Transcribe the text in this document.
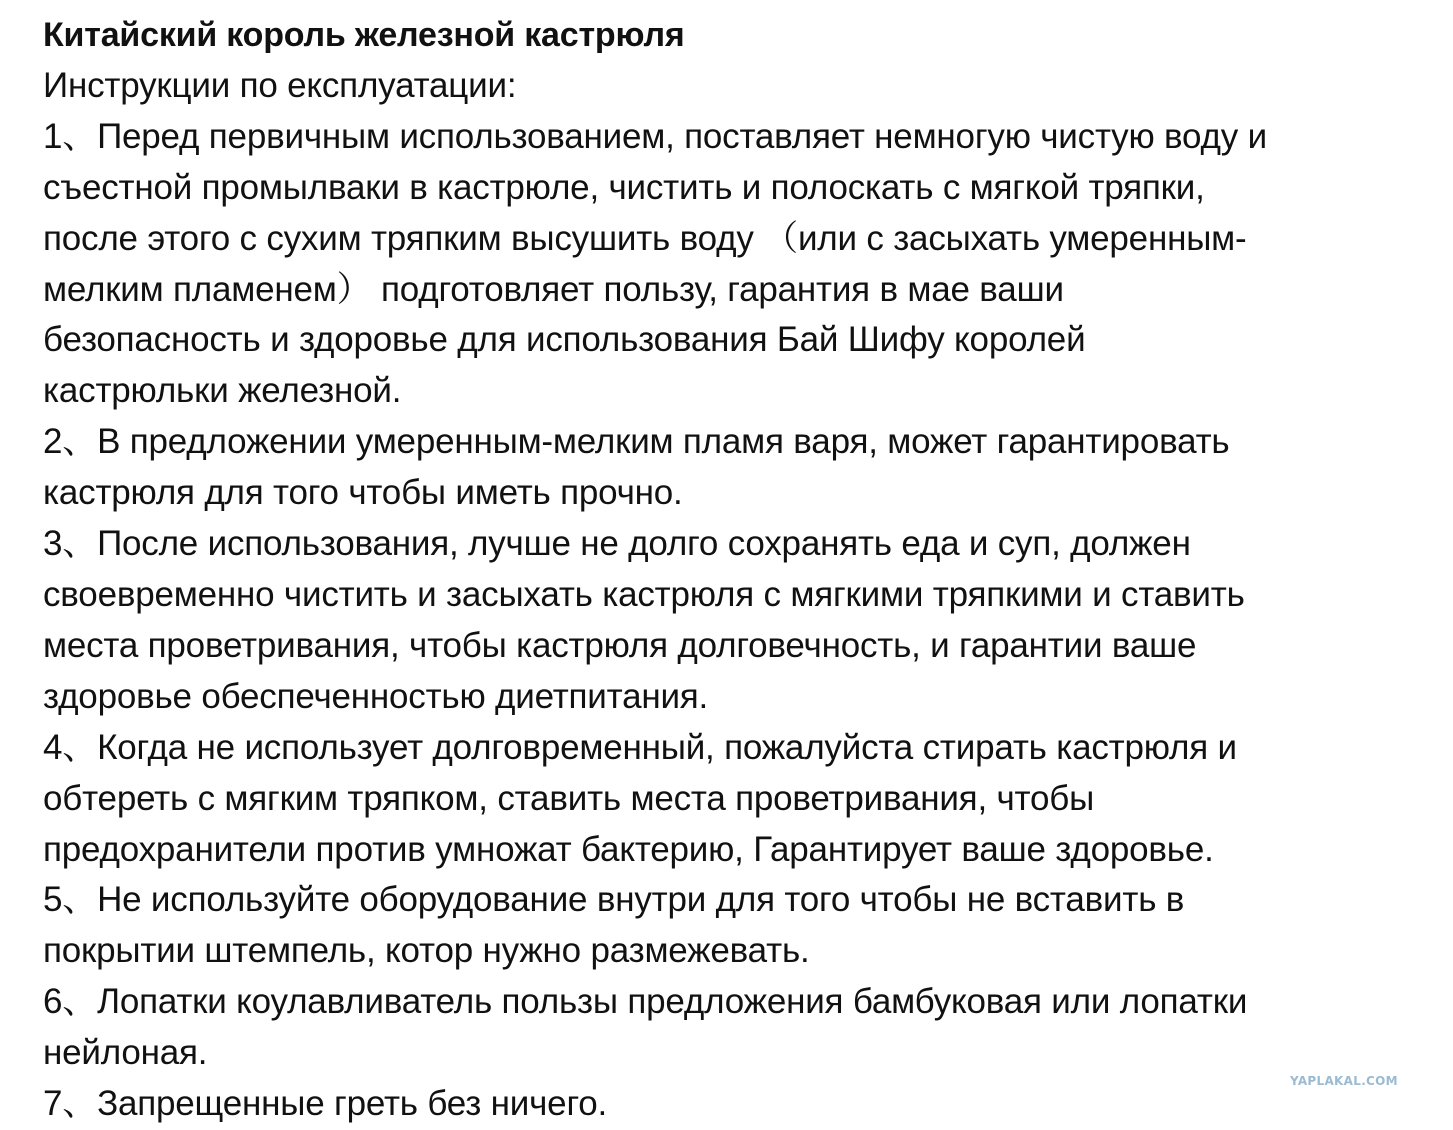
Китайский король железной кастрюля
Инструкции по експлуатации:
1、Перед первичным использованием, поставляет немногую чистую воду и
съестной промылваки в кастрюле, чистить и полоскать с мягкой тряпки,
после этого с сухим тряпким высушить воду （или с засыхать умеренным-
мелким пламенем） подготовляет пользу, гарантия в мае ваши
безопасность и здоровье для использования Бай Шифу королей
кастрюльки железной.
2、В предложении умеренным-мелким пламя варя, может гарантировать
кастрюля для того чтобы иметь прочно.
3、После использования, лучше не долго сохранять еда и суп, должен
своевременно чистить и засыхать кастрюля с мягкими тряпкими и ставить
места проветривания, чтобы кастрюля долговечность, и гарантии ваше
здоровье обеспеченностью диетпитания.
4、Когда не использует долговременный, пожалуйста стирать кастрюля и
обтереть с мягким тряпком, ставить места проветривания, чтобы
предохранители против умножат бактерию, Гарантирует ваше здоровье.
5、Не используйте оборудование внутри для того чтобы не вставить в
покрытии штемпель, котор нужно размежевать.
6、Лопатки коулавливатель пользы предложения бамбуковая или лопатки
нейлоная.
7、Запрещенные греть без ничего.
YAPLAKAL.COM
